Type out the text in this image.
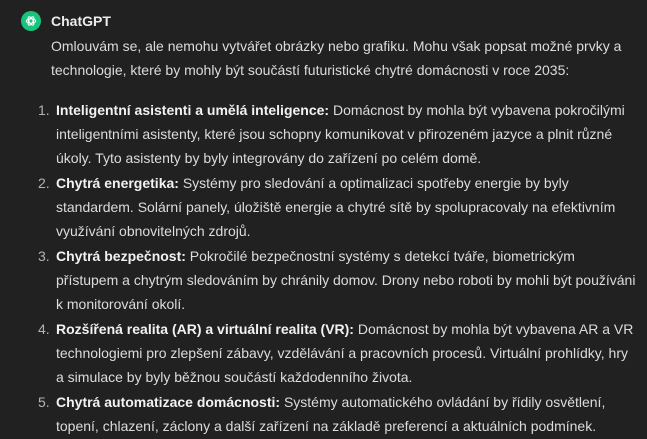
ChatGPT

Omlouvám se, ale nemohu vytvářet obrázky nebo grafiku. Mohu však popsat možné prvky a technologie, které by mohly být součástí futuristické chytré domácnosti v roce 2035:

1. Inteligentní asistenti a umělá inteligence: Domácnost by mohla být vybavena pokročilými inteligentními asistenty, které jsou schopny komunikovat v přirozeném jazyce a plnit různé úkoly. Tyto asistenty by byly integrovány do zařízení po celém domě.
2. Chytrá energetika: Systémy pro sledování a optimalizaci spotřeby energie by byly standardem. Solární panely, úložiště energie a chytré sítě by spolupracovaly na efektivním využívání obnovitelných zdrojů.
3. Chytrá bezpečnost: Pokročilé bezpečnostní systémy s detekcí tváře, biometrickým přístupem a chytrým sledováním by chránily domov. Drony nebo roboti by mohli být používáni k monitorování okolí.
4. Rozšířená realita (AR) a virtuální realita (VR): Domácnost by mohla být vybavena AR a VR technologiemi pro zlepšení zábavy, vzdělávání a pracovních procesů. Virtuální prohlídky, hry a simulace by byly běžnou součástí každodenního života.
5. Chytrá automatizace domácnosti: Systémy automatického ovládání by řídily osvětlení, topení, chlazení, záclony a další zařízení na základě preferencí a aktuálních podmínek.
